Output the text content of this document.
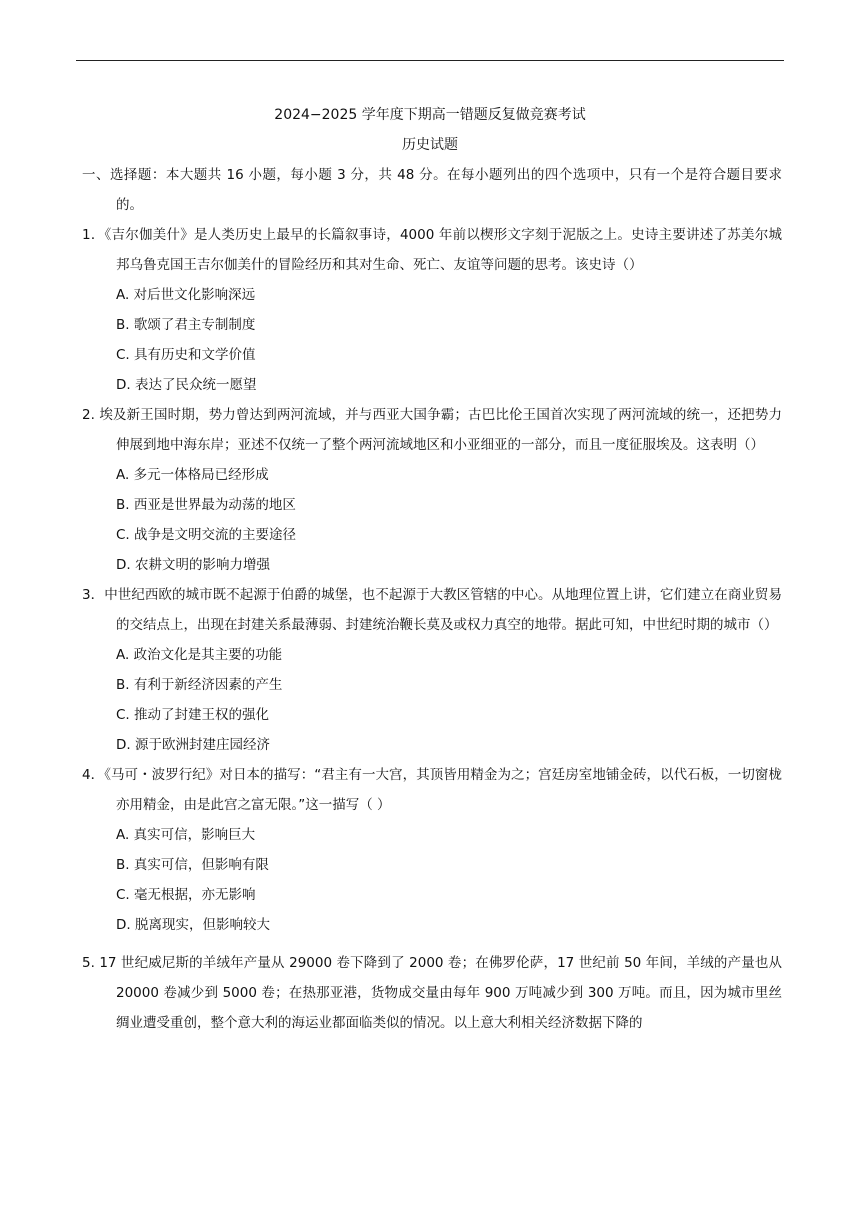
2024−2025 学年度下期高一错题反复做竞赛考试
历史试题

一、选择题：本大题共 16 小题，每小题 3 分，共 48 分。在每小题列出的四个选项中，只有一个是符合题目要求的。

1．《吉尔伽美什》是人类历史上最早的长篇叙事诗，4000 年前以楔形文字刻于泥版之上。史诗主要讲述了苏美尔城邦乌鲁克国王吉尔伽美什的冒险经历和其对生命、死亡、友谊等问题的思考。该史诗（）

A. 对后世文化影响深远

B. 歌颂了君主专制制度

C. 具有历史和文学价值

D. 表达了民众统一愿望

2. 埃及新王国时期，势力曾达到两河流域，并与西亚大国争霸；古巴比伦王国首次实现了两河流域的统一，还把势力伸展到地中海东岸；亚述不仅统一了整个两河流域地区和小亚细亚的一部分，而且一度征服埃及。这表明（）

A. 多元一体格局已经形成

B. 西亚是世界最为动荡的地区

C. 战争是文明交流的主要途径

D. 农耕文明的影响力增强

3．中世纪西欧的城市既不起源于伯爵的城堡，也不起源于大教区管辖的中心。从地理位置上讲，它们建立在商业贸易的交结点上，出现在封建关系最薄弱、封建统治鞭长莫及或权力真空的地带。据此可知，中世纪时期的城市（）

A. 政治文化是其主要的功能

B. 有利于新经济因素的产生

C. 推动了封建王权的强化

D. 源于欧洲封建庄园经济

4．《马可・波罗行纪》对日本的描写：“君主有一大宫，其顶皆用精金为之；宫廷房室地铺金砖，以代石板，一切窗栊亦用精金，由是此宫之富无限。”这一描写（ ）

A. 真实可信，影响巨大

B. 真实可信，但影响有限

C. 毫无根据，亦无影响

D. 脱离现实，但影响较大

5. 17 世纪威尼斯的羊绒年产量从 29000 卷下降到了 2000 卷；在佛罗伦萨，17 世纪前 50 年间，羊绒的产量也从 20000 卷减少到 5000 卷；在热那亚港，货物成交量由每年 900 万吨减少到 300 万吨。而且，因为城市里丝绸业遭受重创，整个意大利的海运业都面临类似的情况。以上意大利相关经济数据下降的
